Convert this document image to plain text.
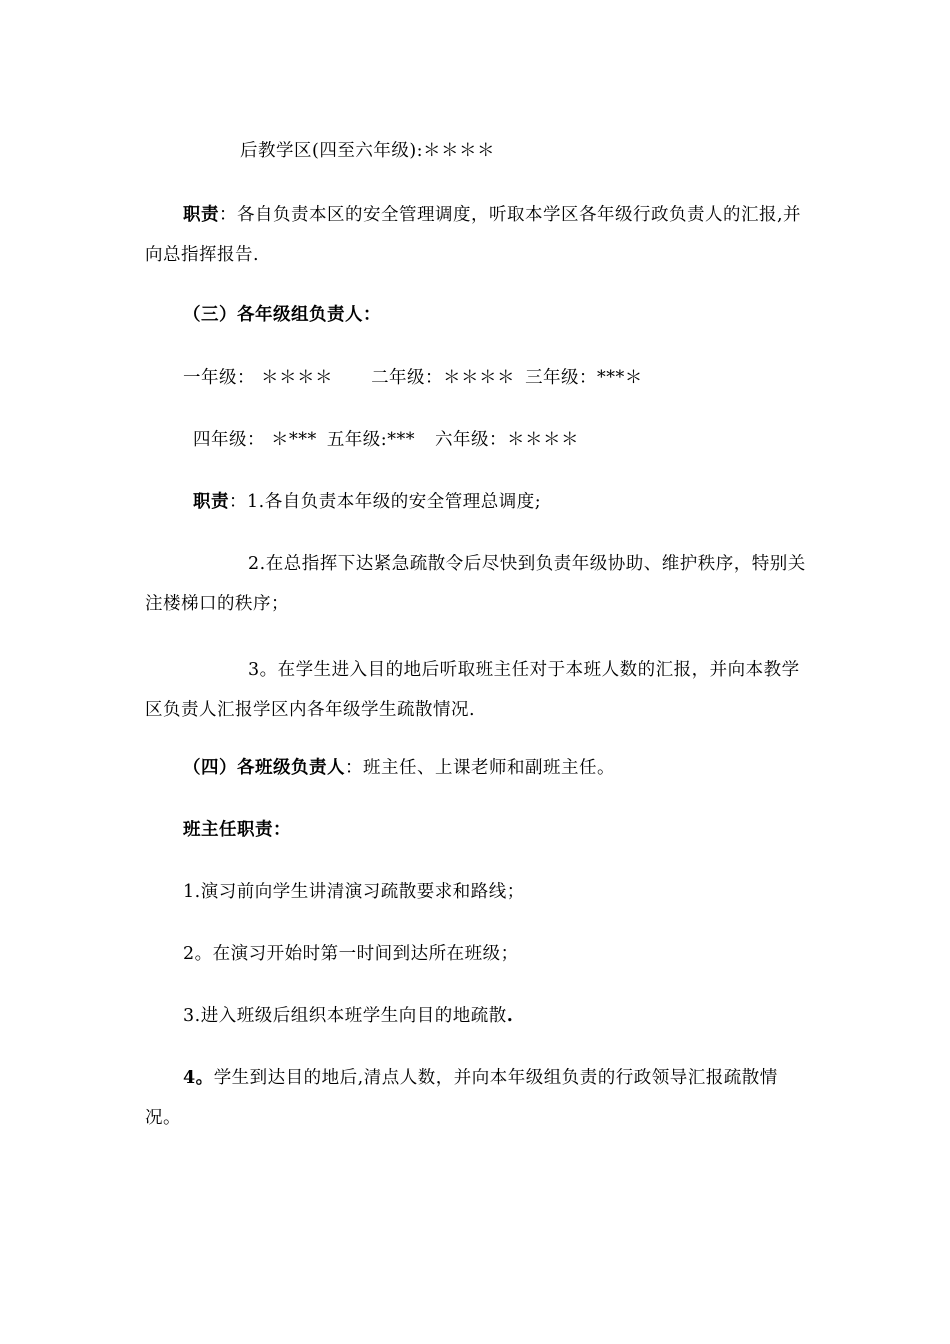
后教学区(四至六年级):＊＊＊＊
职责：各自负责本区的安全管理调度，听取本学区各年级行政负责人的汇报,并向总指挥报告.
（三）各年级组负责人：
一年级： ＊＊＊＊ 二年级：＊＊＊＊ 三年级：***＊
四年级： ＊*** 五年级:*** 六年级：＊＊＊＊
职责：1.各自负责本年级的安全管理总调度;
2.在总指挥下达紧急疏散令后尽快到负责年级协助、维护秩序，特别关注楼梯口的秩序；
3。在学生进入目的地后听取班主任对于本班人数的汇报，并向本教学区负责人汇报学区内各年级学生疏散情况.
（四）各班级负责人：班主任、上课老师和副班主任。
班主任职责：
1.演习前向学生讲清演习疏散要求和路线；
2。在演习开始时第一时间到达所在班级；
3.进入班级后组织本班学生向目的地疏散.
4。学生到达目的地后,清点人数，并向本年级组负责的行政领导汇报疏散情况。
